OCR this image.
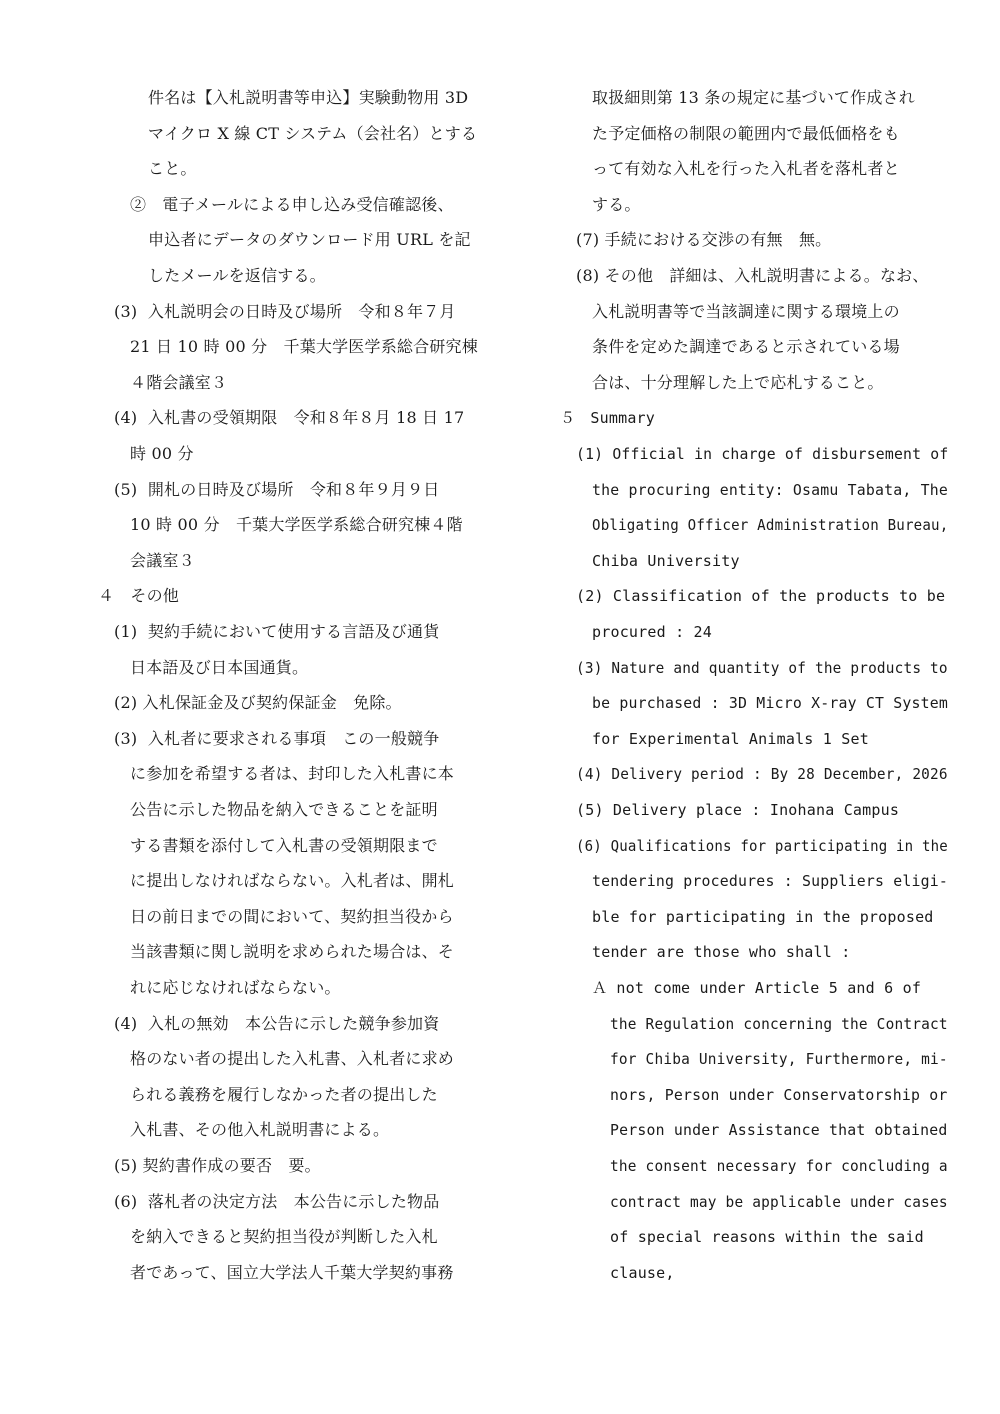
件名は【入札説明書等申込】実験動物用 3D
マイクロ X 線 CT システム（会社名）とする
こと。
②　電子メールによる申し込み受信確認後、
申込者にデータのダウンロード用 URL を記
したメールを返信する。
(3)  入札説明会の日時及び場所　令和８年７月
21 日 10 時 00 分　千葉大学医学系総合研究棟
４階会議室３
(4)  入札書の受領期限　令和８年８月 18 日 17
時 00 分
(5)  開札の日時及び場所　令和８年９月９日
10 時 00 分　千葉大学医学系総合研究棟４階
会議室３
４　その他
(1)  契約手続において使用する言語及び通貨
日本語及び日本国通貨。
(2) 入札保証金及び契約保証金　免除。
(3)  入札者に要求される事項　この一般競争
に参加を希望する者は、封印した入札書に本
公告に示した物品を納入できることを証明
する書類を添付して入札書の受領期限まで
に提出しなければならない。入札者は、開札
日の前日までの間において、契約担当役から
当該書類に関し説明を求められた場合は、そ
れに応じなければならない。
(4)  入札の無効　本公告に示した競争参加資
格のない者の提出した入札書、入札者に求め
られる義務を履行しなかった者の提出した
入札書、その他入札説明書による。
(5) 契約書作成の要否　要。
(6)  落札者の決定方法　本公告に示した物品
を納入できると契約担当役が判断した入札
者であって、国立大学法人千葉大学契約事務
取扱細則第 13 条の規定に基づいて作成され
た予定価格の制限の範囲内で最低価格をも
って有効な入札を行った入札者を落札者と
する。
(7) 手続における交渉の有無　無。
(8) その他　詳細は、入札説明書による。なお、
入札説明書等で当該調達に関する環境上の
条件を定めた調達であると示されている場
合は、十分理解した上で応札すること。
５　Summary
(1) Official in charge of disbursement of
the procuring entity: Osamu Tabata, The
Obligating Officer Administration Bureau,
Chiba University
(2) Classification of the products to be
procured : 24
(3) Nature and quantity of the products to
be purchased : 3D Micro X-ray CT System
for Experimental Animals 1 Set
(4) Delivery period : By 28 December, 2026
(5) Delivery place : Inohana Campus
(6) Qualifications for participating in the
tendering procedures : Suppliers eligi-
ble for participating in the proposed
tender are those who shall :
Ａ not come under Article 5 and 6 of
the Regulation concerning the Contract
for Chiba University, Furthermore, mi-
nors, Person under Conservatorship or
Person under Assistance that obtained
the consent necessary for concluding a
contract may be applicable under cases
of special reasons within the said
clause,
